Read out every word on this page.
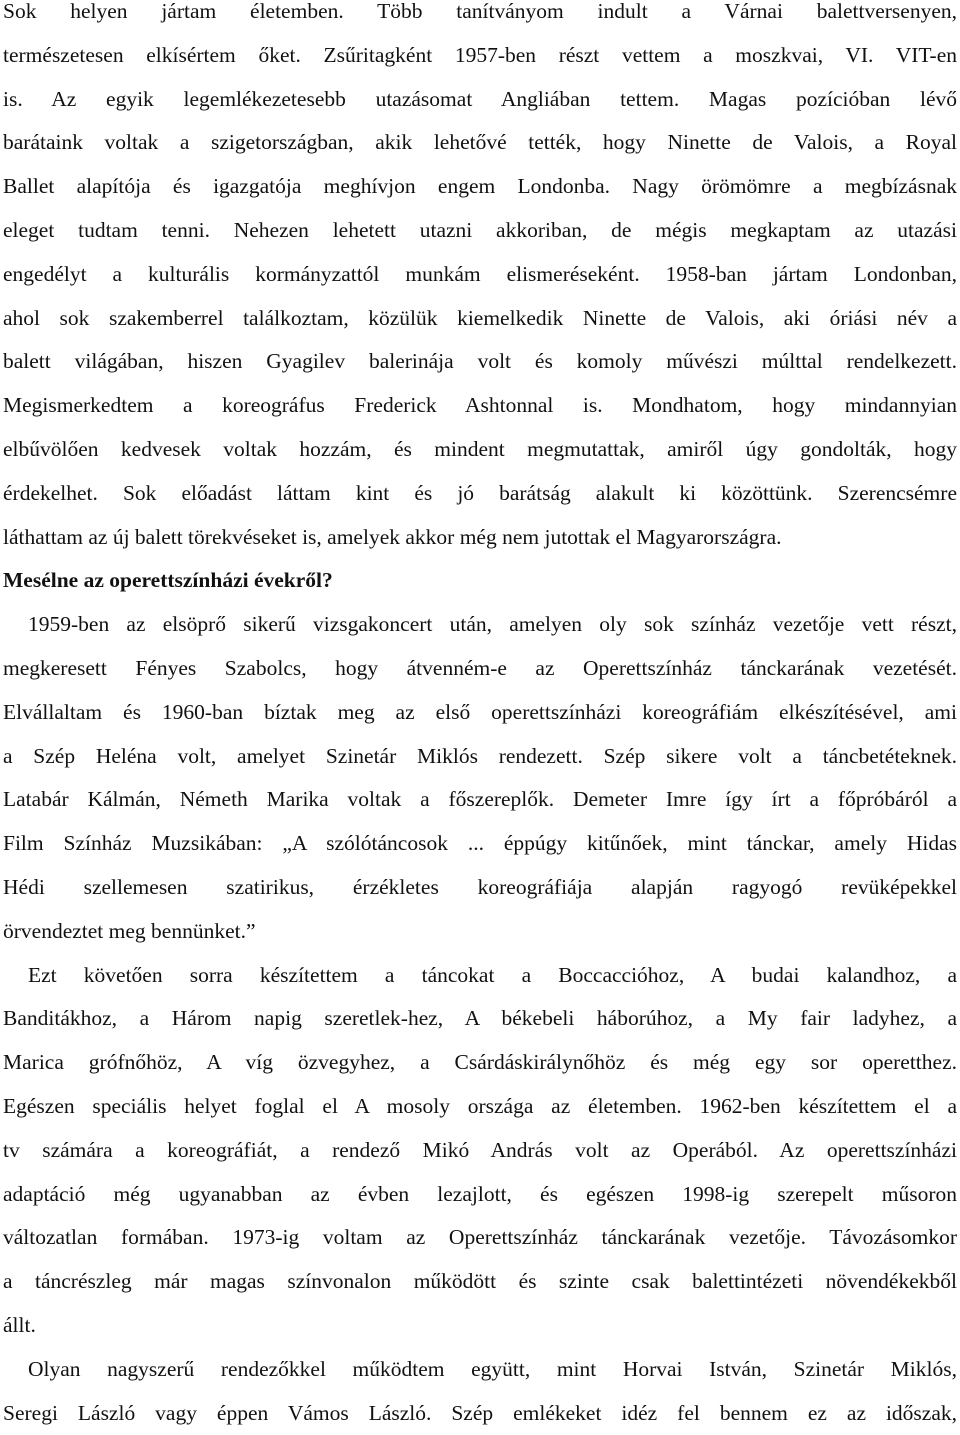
Sok helyen jártam életemben. Több tanítványom indult a Várnai balettversenyen,
természetesen elkísértem őket. Zsűritagként 1957-ben részt vettem a moszkvai, VI. VIT-en
is. Az egyik legemlékezetesebb utazásomat Angliában tettem. Magas pozícióban lévő
barátaink voltak a szigetországban, akik lehetővé tették, hogy Ninette de Valois, a Royal
Ballet alapítója és igazgatója meghívjon engem Londonba. Nagy örömömre a megbízásnak
eleget tudtam tenni. Nehezen lehetett utazni akkoriban, de mégis megkaptam az utazási
engedélyt a kulturális kormányzattól munkám elismeréseként. 1958-ban jártam Londonban,
ahol sok szakemberrel találkoztam, közülük kiemelkedik Ninette de Valois, aki óriási név a
balett világában, hiszen Gyagilev balerinája volt és komoly művészi múlttal rendelkezett.
Megismerkedtem a koreográfus Frederick Ashtonnal is. Mondhatom, hogy mindannyian
elbűvölően kedvesek voltak hozzám, és mindent megmutattak, amiről úgy gondolták, hogy
érdekelhet. Sok előadást láttam kint és jó barátság alakult ki közöttünk. Szerencsémre
láthattam az új balett törekvéseket is, amelyek akkor még nem jutottak el Magyarországra.
Mesélne az operettszínházi évekről?
1959-ben az elsöprő sikerű vizsgakoncert után, amelyen oly sok színház vezetője vett részt,
megkeresett Fényes Szabolcs, hogy átvenném-e az Operettszínház tánckarának vezetését.
Elvállaltam és 1960-ban bíztak meg az első operettszínházi koreográfiám elkészítésével, ami
a Szép Heléna volt, amelyet Szinetár Miklós rendezett. Szép sikere volt a táncbetéteknek.
Latabár Kálmán, Németh Marika voltak a főszereplők. Demeter Imre így írt a főpróbáról a
Film Színház Muzsikában: „A szólótáncosok ... éppúgy kitűnőek, mint tánckar, amely Hidas
Hédi szellemesen szatirikus, érzékletes koreográfiája alapján ragyogó revüképekkel
örvendeztet meg bennünket.”
Ezt követően sorra készítettem a táncokat a Boccaccióhoz, A budai kalandhoz, a
Banditákhoz, a Három napig szeretlek-hez, A békebeli háborúhoz, a My fair ladyhez, a
Marica grófnőhöz, A víg özvegyhez, a Csárdáskirálynőhöz és még egy sor operetthez.
Egészen speciális helyet foglal el A mosoly országa az életemben. 1962-ben készítettem el a
tv számára a koreográfiát, a rendező Mikó András volt az Operából. Az operettszínházi
adaptáció még ugyanabban az évben lezajlott, és egészen 1998-ig szerepelt műsoron
változatlan formában. 1973-ig voltam az Operettszínház tánckarának vezetője. Távozásomkor
a táncrészleg már magas színvonalon működött és szinte csak balettintézeti növendékekből
állt.
Olyan nagyszerű rendezőkkel működtem együtt, mint Horvai István, Szinetár Miklós,
Seregi László vagy éppen Vámos László. Szép emlékeket idéz fel bennem ez az időszak,
